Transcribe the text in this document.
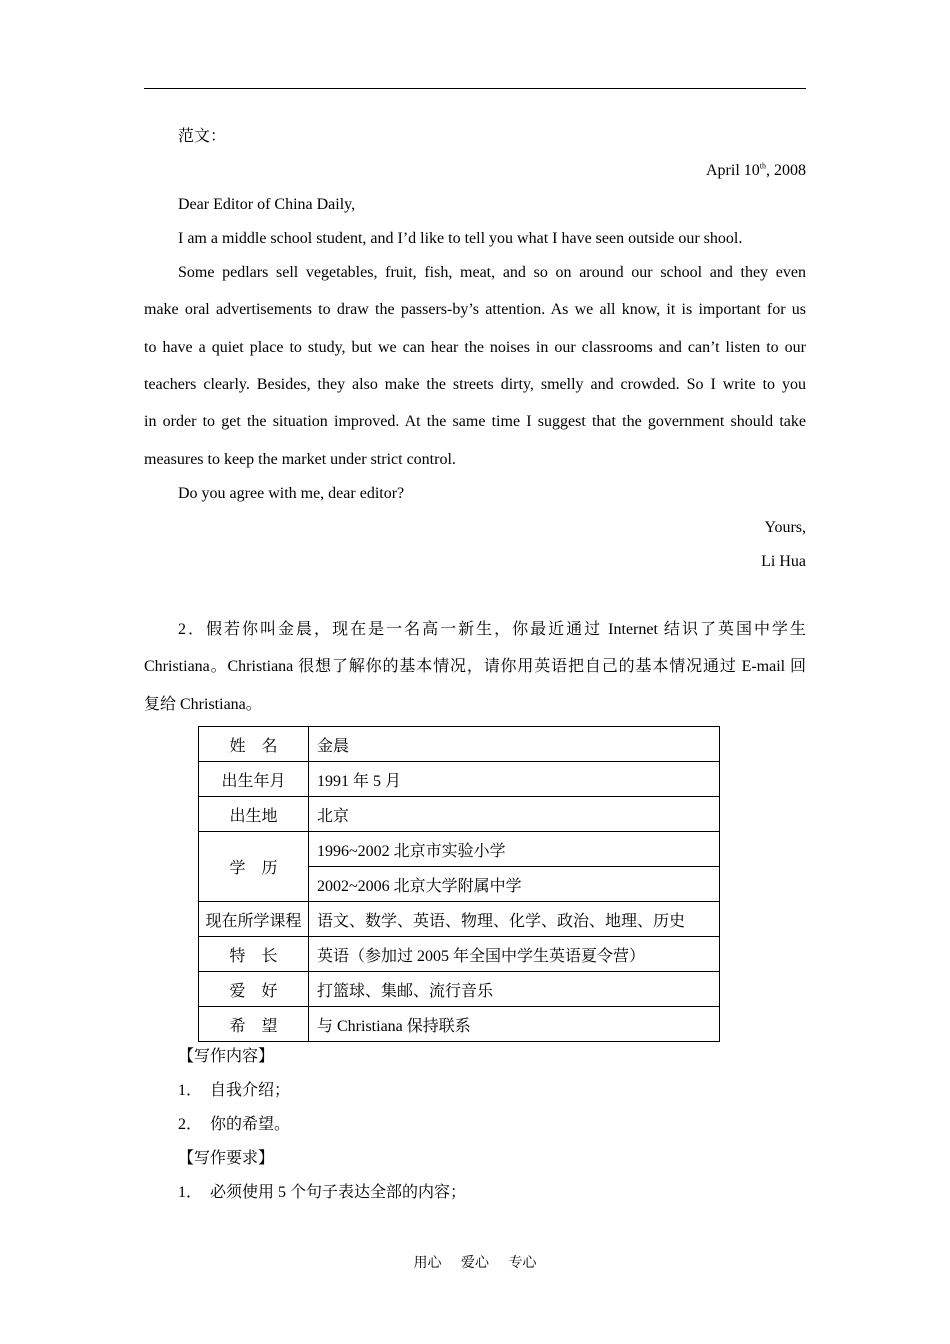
范文：
April 10th, 2008
Dear Editor of China Daily,
I am a middle school student, and I’d like to tell you what I have seen outside our shool.
Some pedlars sell vegetables, fruit, fish, meat, and so on around our school and they even
make oral advertisements to draw the passers-by’s attention. As we all know, it is important for us
to have a quiet place to study, but we can hear the noises in our classrooms and can’t listen to our
teachers clearly. Besides, they also make the streets dirty, smelly and crowded. So I write to you
in order to get the situation improved. At the same time I suggest that the government should take
measures to keep the market under strict control.
Do you agree with me, dear editor?
Yours,
Li Hua
2．假若你叫金晨，现在是一名高一新生，你最近通过 Internet 结识了英国中学生
Christiana。Christiana 很想了解你的基本情况，请你用英语把自己的基本情况通过 E-mail 回
复给 Christiana。
姓　名	金晨
出生年月	1991 年 5 月
出生地	北京
学　历	1996~2002 北京市实验小学
	2002~2006 北京大学附属中学
现在所学课程	语文、数学、英语、物理、化学、政治、地理、历史
特　长	英语（参加过 2005 年全国中学生英语夏令营）
爱　好	打篮球、集邮、流行音乐
希　望	与 Christiana 保持联系
【写作内容】
1．　自我介绍；
2．　你的希望。
【写作要求】
1．　必须使用 5 个句子表达全部的内容；
用心 爱心 专心
